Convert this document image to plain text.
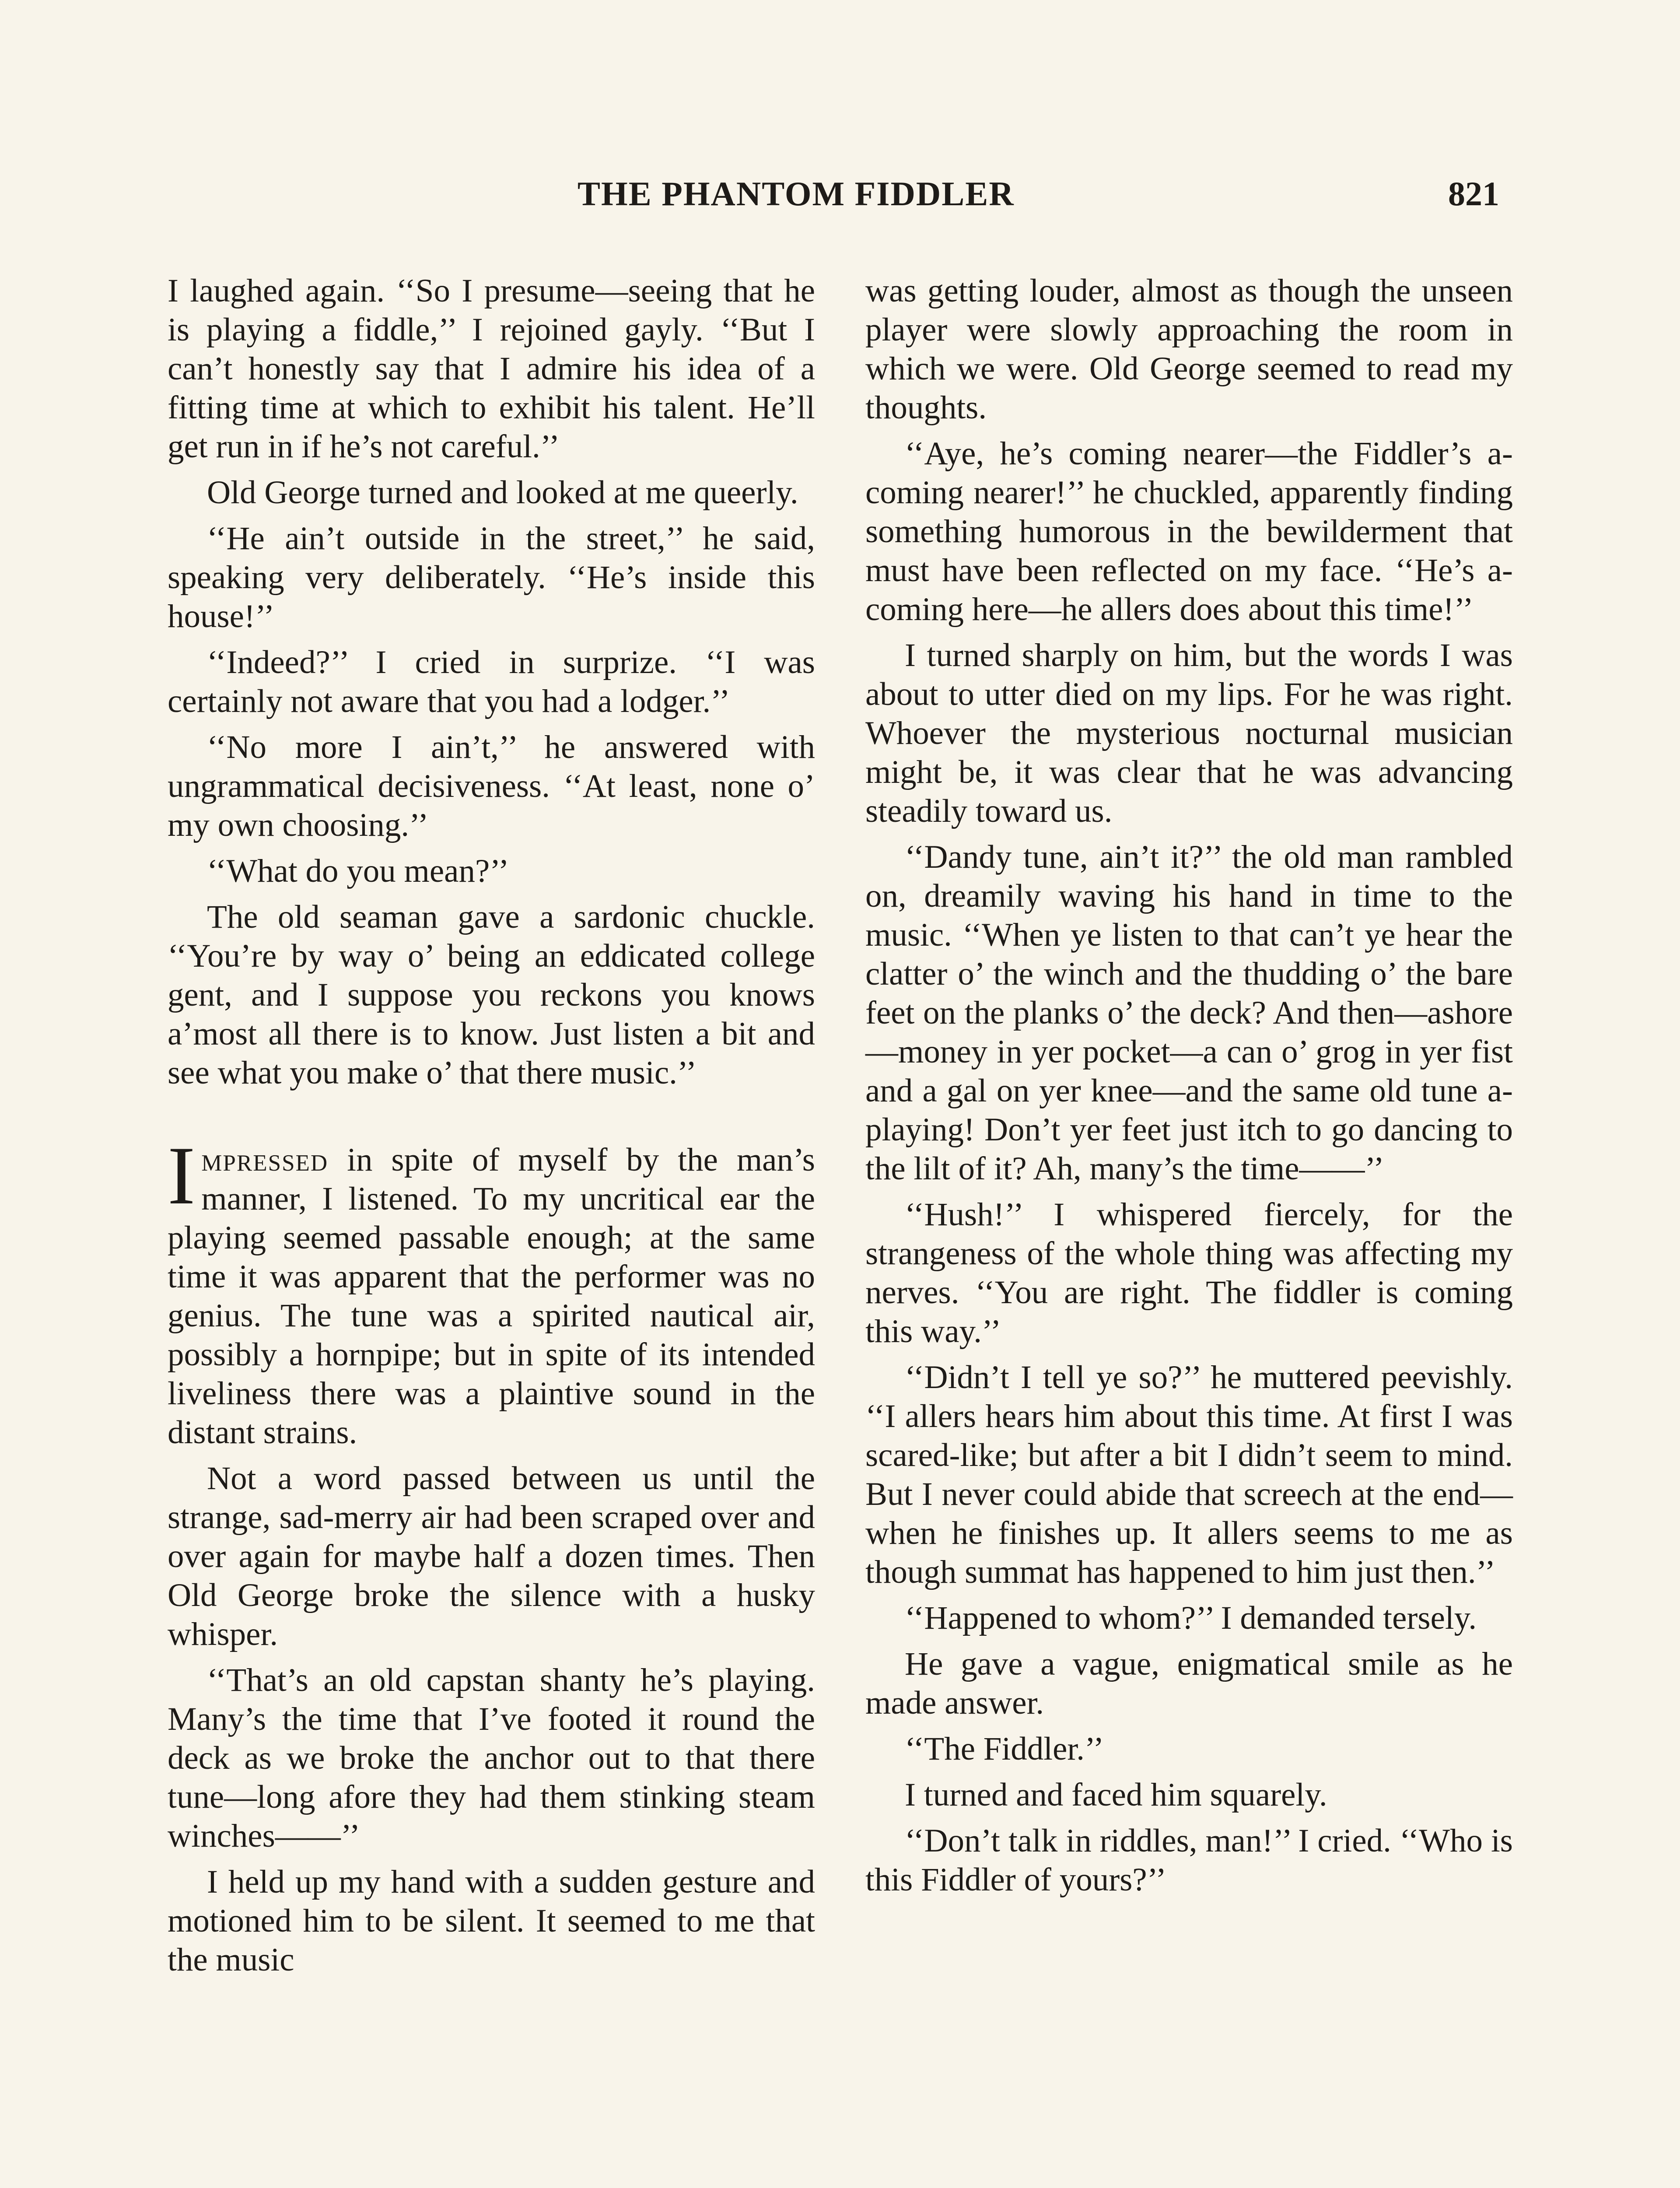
THE PHANTOM FIDDLER	821

I laughed again. ‘‘So I presume—seeing that he is playing a fiddle,’’ I rejoined gayly. ‘‘But I can’t honestly say that I admire his idea of a fitting time at which to exhibit his talent. He’ll get run in if he’s not careful.’’

Old George turned and looked at me queerly.

‘‘He ain’t outside in the street,’’ he said, speaking very deliberately. ‘‘He’s inside this house!’’

‘‘Indeed?’’ I cried in surprize. ‘‘I was certainly not aware that you had a lodger.’’

‘‘No more I ain’t,’’ he answered with ungrammatical decisiveness. ‘‘At least, none o’ my own choosing.’’

‘‘What do you mean?’’

The old seaman gave a sardonic chuckle. ‘‘You’re by way o’ being an eddicated college gent, and I suppose you reckons you knows a’most all there is to know. Just listen a bit and see what you make o’ that there music.’’

Impressed in spite of myself by the man’s manner, I listened. To my uncritical ear the playing seemed passable enough; at the same time it was apparent that the performer was no genius. The tune was a spirited nautical air, possibly a hornpipe; but in spite of its intended liveliness there was a plaintive sound in the distant strains.

Not a word passed between us until the strange, sad-merry air had been scraped over and over again for maybe half a dozen times. Then Old George broke the silence with a husky whisper.

‘‘That’s an old capstan shanty he’s playing. Many’s the time that I’ve footed it round the deck as we broke the anchor out to that there tune—long afore they had them stinking steam winches——’’

I held up my hand with a sudden gesture and motioned him to be silent. It seemed to me that the music

was getting louder, almost as though the unseen player were slowly approaching the room in which we were. Old George seemed to read my thoughts.

‘‘Aye, he’s coming nearer—the Fiddler’s a-coming nearer!’’ he chuckled, apparently finding something humorous in the bewilderment that must have been reflected on my face. ‘‘He’s a-coming here—he allers does about this time!’’

I turned sharply on him, but the words I was about to utter died on my lips. For he was right. Whoever the mysterious nocturnal musician might be, it was clear that he was advancing steadily toward us.

‘‘Dandy tune, ain’t it?’’ the old man rambled on, dreamily waving his hand in time to the music. ‘‘When ye listen to that can’t ye hear the clatter o’ the winch and the thudding o’ the bare feet on the planks o’ the deck? And then—ashore—money in yer pocket—a can o’ grog in yer fist and a gal on yer knee—and the same old tune a-playing! Don’t yer feet just itch to go dancing to the lilt of it? Ah, many’s the time——’’

‘‘Hush!’’ I whispered fiercely, for the strangeness of the whole thing was affecting my nerves. ‘‘You are right. The fiddler is coming this way.’’

‘‘Didn’t I tell ye so?’’ he muttered peevishly. ‘‘I allers hears him about this time. At first I was scared-like; but after a bit I didn’t seem to mind. But I never could abide that screech at the end—when he finishes up. It allers seems to me as though summat has happened to him just then.’’

‘‘Happened to whom?’’ I demanded tersely.

He gave a vague, enigmatical smile as he made answer.

‘‘The Fiddler.’’

I turned and faced him squarely.

‘‘Don’t talk in riddles, man!’’ I cried. ‘‘Who is this Fiddler of yours?’’
